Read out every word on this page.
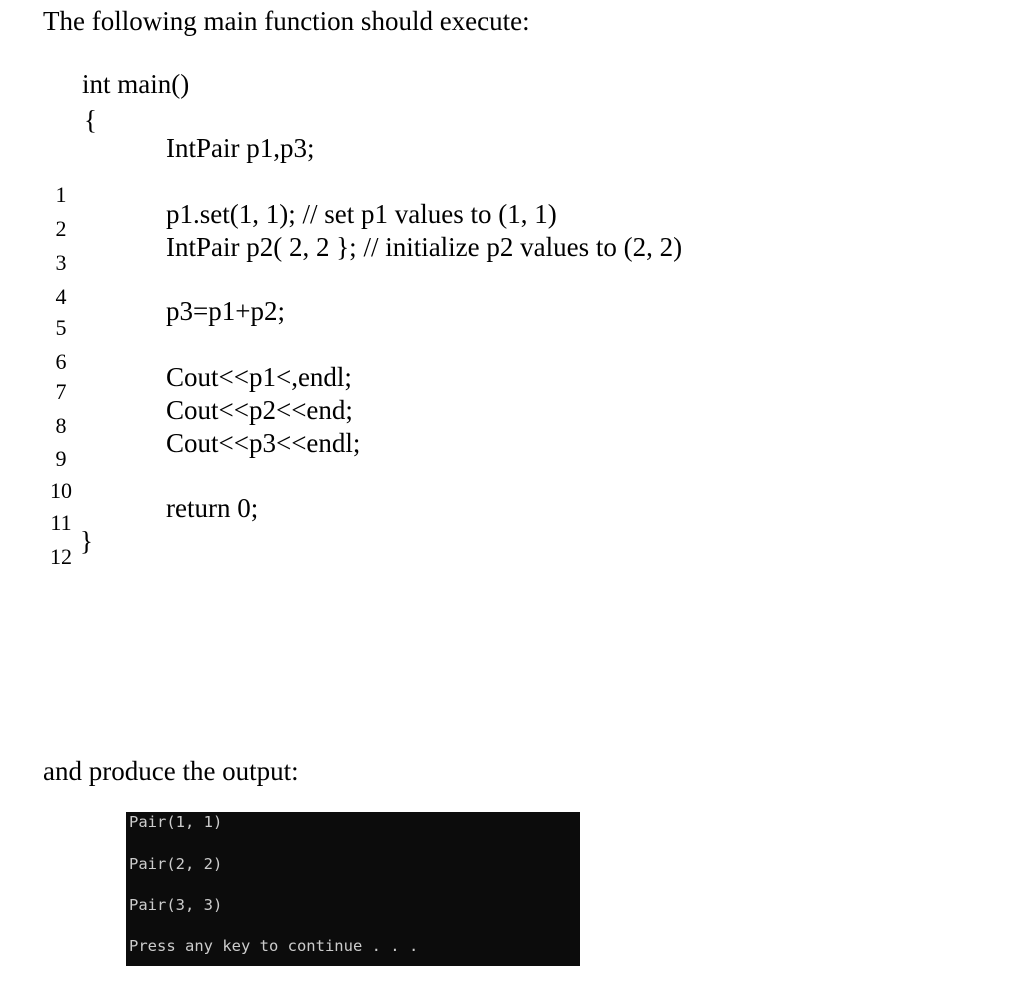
The following main function should execute:
int main()
{
IntPair p1,p3;
p1.set(1, 1); // set p1 values to (1, 1)
IntPair p2( 2, 2 }; // initialize p2 values to (2, 2)
p3=p1+p2;
Cout<<p1<,endl;
Cout<<p2<<end;
Cout<<p3<<endl;
return 0;
}
1
2
3
4
5
6
7
8
9
10
11
12
and produce the output:
Pair(1, 1)
Pair(2, 2)
Pair(3, 3)
Press any key to continue . . .
